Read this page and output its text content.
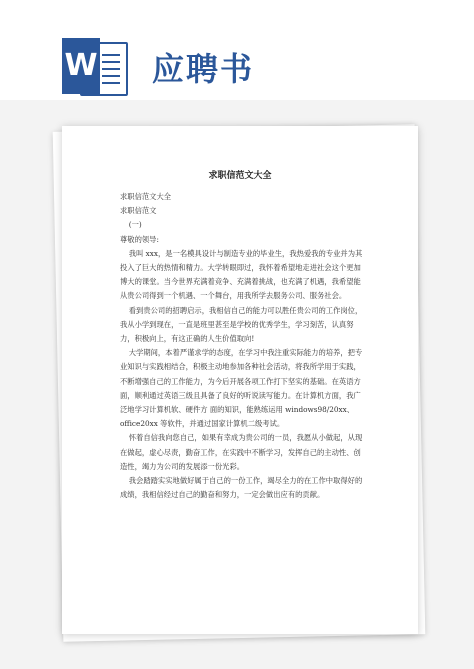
W 应聘书
求职信范文大全

求职信范文大全

求职信范文

(一)

尊敬的领导:

我叫 xxx，是一名模具设计与制造专业的毕业生，我热爱我的专业并为其投入了巨大的热情和精力。大学转眼即过，我怀着希望地走进社会这个更加博大的课堂。当今世界充满着竞争、充满着挑战，也充满了机遇，我希望能从贵公司得到一个机遇、一个舞台，用我所学去服务公司、服务社会。

看到贵公司的招聘启示，我相信自己的能力可以胜任贵公司的工作岗位，我从小学到现在，一直是班里甚至是学校的优秀学生，学习刻苦，认真努力，积极向上，有这正确的人生价值取向!

大学期间，本着严谨求学的态度，在学习中我注重实际能力的培养，把专业知识与实践相结合，积极主动地参加各种社会活动，将我所学用于实践，不断增强自己的工作能力，为今后开展各项工作打下坚实的基础。在英语方面，顺利通过英语三级且具备了良好的听说读写能力。在计算机方面，我广泛地学习计算机软、硬件方 面的知识，能熟练运用 windows98/20xx、office20xx 等软件，并通过国家计算机二级考试。

怀着自信我向您自己，如果有幸成为贵公司的一员，我愿从小做起，从现在做起，虚心尽责，勤奋工作，在实践中不断学习，发挥自己的主动性、创造性，竭力为公司的发展添一份光彩。

我会踏踏实实地做好属于自己的一份工作，竭尽全力的在工作中取得好的成绩，我相信经过自己的勤奋和努力，一定会做出应有的贡献。
